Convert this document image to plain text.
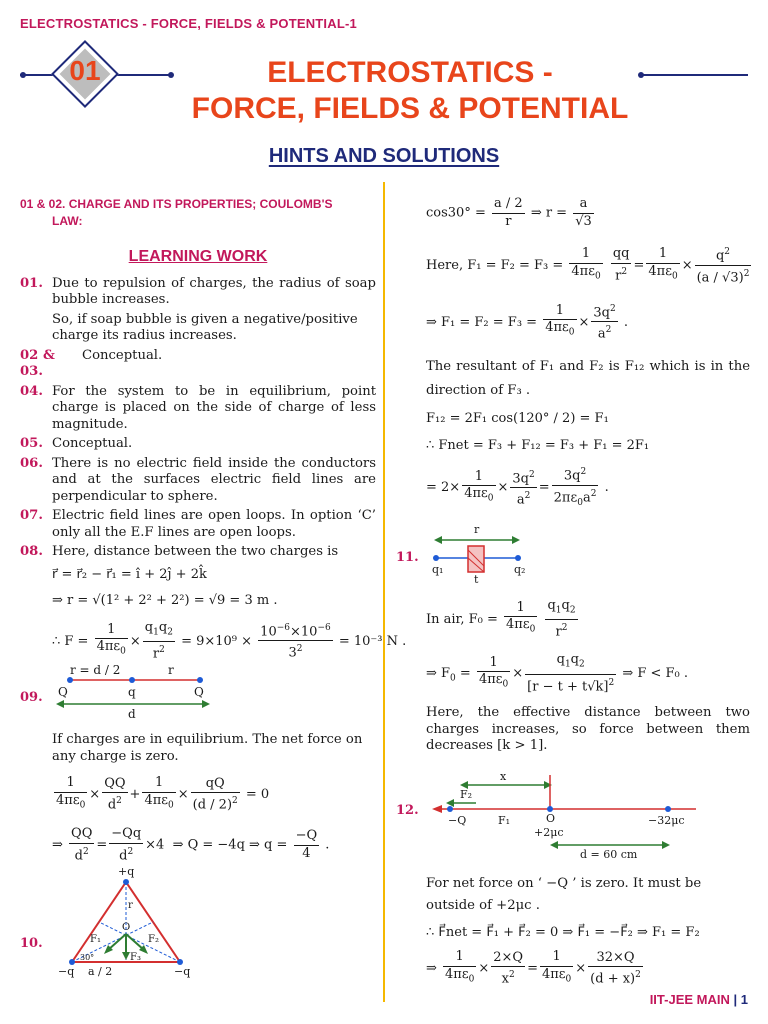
ELECTROSTATICS - FORCE, FIELDS & POTENTIAL-1
01	ELECTROSTATICS -
FORCE, FIELDS & POTENTIAL
HINTS AND SOLUTIONS
01 & 02. CHARGE AND ITS PROPERTIES; COULOMB'S
LAW:
LEARNING WORK
01. Due to repulsion of charges, the radius of soap bubble increases.
So, if soap bubble is given a negative/positive charge its radius increases.
02 & 03.
Conceptual.
04. For the system to be in equilibrium, point charge is placed on the side of charge of less magnitude.
05. Conceptual.
06. There is no electric field inside the conductors and at the surfaces electric field lines are perpendicular to sphere.
07. Electric field lines are open loops. In option ‘C’ only all the E.F lines are open loops.
08. Here, distance between the two charges is
r⃗ = r⃗₂ − r⃗₁ = î + 2ĵ + 2k̂
⇒ r = √(1² + 2² + 2²) = √9 = 3 m .
∴ $F = \frac{1}{4\pi\varepsilon_0} \times \frac{q_1q_2}{r^2} = 9\times 10^9 \times \frac{10^{-6}\times 10^{-6}}{3^2} = 10^{-3}$ N .
09.
r = d / 2	r
Q	q	Q
d
If charges are in equilibrium. The net force on any charge is zero.
$\frac{1}{4\pi\varepsilon_0} \times \frac{QQ}{d^2} + \frac{1}{4\pi\varepsilon_0} \times \frac{qQ}{(d / 2)^2} = 0$
⇒ $\frac{QQ}{d^2} = \frac{-Qq}{d^2} \times 4$  ⇒ Q = −4q ⇒ $q = \frac{-Q}{4}$ .
10.
+q
−q	−q
a / 2
30°
r
O
F₁	F₂
F₃
$\cos 30^\circ = \frac{a / 2}{r}$ ⇒ $r = \frac{a}{√3}$
Here, $F_1 = F_2 = F_3 = \frac{1}{4\pi\varepsilon_0}$
$\frac{qq}{r^2} = \frac{1}{4\pi\varepsilon_0} \times \frac{q^2}{(a / √3)^2}$
⇒ $F_1 = F_2 = F_3 = \frac{1}{4\pi\varepsilon_0} \times \frac{3q^2}{a^2}$ .
The resultant of F₁ and F₂ is F₁₂ which is in the direction of F₃ .
F₁₂ = 2F₁ cos(120° / 2) = F₁
∴ Fnet = F₃ + F₁₂ = F₃ + F₁ = 2F₁
= $2\times \frac{1}{4\pi\varepsilon_0} \times \frac{3q^2}{a^2} = \frac{3q^2}{2\pi\varepsilon_0a^2}$ .
11.
r
q₁	q₂
t
In air, $F_0 = \frac{1}{4\pi\varepsilon_0}$
$\frac{q_1q_2}{r^2}$
⇒ $F_0 = \frac{1}{4\pi\varepsilon_0} \times \frac{q_1q_2}{[r - t + t√k]^2}$ ⇒ F < F₀ .
Here, the effective distance between two charges increases, so force between them decreases [k > 1].
12.
x
F₂
−Q	F₁	O
+2μc
−32μc
d = 60 cm
For net force on ‘ −Q ’ is zero. It must be outside of +2μc .
∴ F⃗net = F⃗₁ + F⃗₂ = 0 ⇒ F⃗₁ = −F⃗₂ ⇒ F₁ = F₂
⇒ $\frac{1}{4\pi\varepsilon_0} \times \frac{2\times Q}{x^2} = \frac{1}{4\pi\varepsilon_0} \times \frac{32\times Q}{(d + x)^2}$
IIT-JEE MAIN | 1
